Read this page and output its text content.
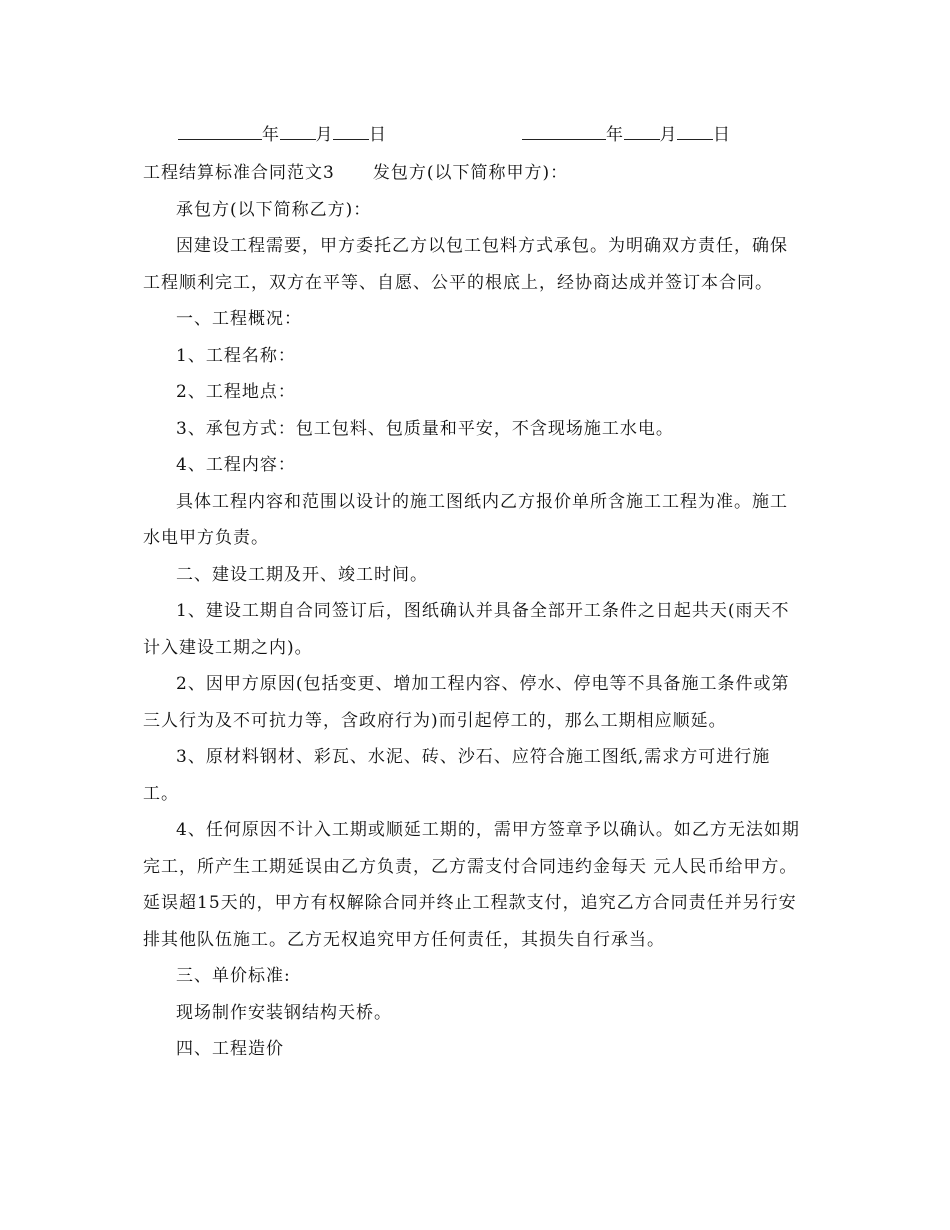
年 月 日	年 月 日

工程结算标准合同范文3 发包方(以下简称甲方)：

承包方(以下简称乙方)：

因建设工程需要，甲方委托乙方以包工包料方式承包。为明确双方责任，确保工程顺利完工，双方在平等、自愿、公平的根底上，经协商达成并签订本合同。

一、工程概况：

1、工程名称：

2、工程地点：

3、承包方式：包工包料、包质量和平安，不含现场施工水电。

4、工程内容：

具体工程内容和范围以设计的施工图纸内乙方报价单所含施工工程为准。施工水电甲方负责。

二、建设工期及开、竣工时间。

1、建设工期自合同签订后，图纸确认并具备全部开工条件之日起共天(雨天不计入建设工期之内)。

2、因甲方原因(包括变更、增加工程内容、停水、停电等不具备施工条件或第三人行为及不可抗力等，含政府行为)而引起停工的，那么工期相应顺延。

3、原材料钢材、彩瓦、水泥、砖、沙石、应符合施工图纸,需求方可进行施工。

4、任何原因不计入工期或顺延工期的，需甲方签章予以确认。如乙方无法如期完工，所产生工期延误由乙方负责，乙方需支付合同违约金每天 元人民币给甲方。延误超15天的，甲方有权解除合同并终止工程款支付，追究乙方合同责任并另行安排其他队伍施工。乙方无权追究甲方任何责任，其损失自行承当。

三、单价标准:

现场制作安装钢结构天桥。

四、工程造价
